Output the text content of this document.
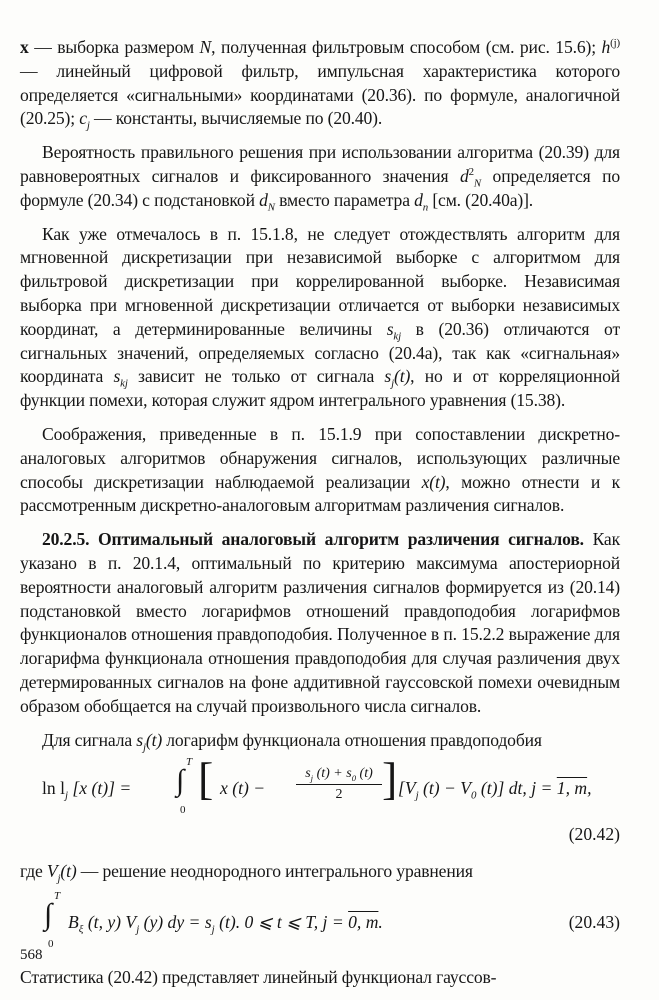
x — выборка размером N, полученная фильтровым способом (см. рис. 15.6); $h^{(j)}$ — линейный цифровой фильтр, импульсная характеристика которого определяется «сигнальными» координатами (20.36). по формуле, аналогичной (20.25); $c_j$ — константы, вычисляемые по (20.40).

Вероятность правильного решения при использовании алгоритма (20.39) для равновероятных сигналов и фиксированного значения $d^2_N$ определяется по формуле (20.34) с подстановкой $d_N$ вместо параметра $d_n$ [см. (20.40а)].

Как уже отмечалось в п. 15.1.8, не следует отождествлять алгоритм для мгновенной дискретизации при независимой выборке с алгоритмом для фильтровой дискретизации при коррелированной выборке. Независимая выборка при мгновенной дискретизации отличается от выборки независимых координат, а детерминированные величины $s_{kj}$ в (20.36) отличаются от сигнальных значений, определяемых согласно (20.4а), так как «сигнальная» координата $s_{kj}$ зависит не только от сигнала $s_j(t)$, но и от корреляционной функции помехи, которая служит ядром интегрального уравнения (15.38).

Соображения, приведенные в п. 15.1.9 при сопоставлении дискретно-аналоговых алгоритмов обнаружения сигналов, использующих различные способы дискретизации наблюдаемой реализации x(t), можно отнести и к рассмотренным дискретно-аналоговым алгоритмам различения сигналов.

20.2.5. Оптимальный аналоговый алгоритм различения сигналов. Как указано в п. 20.1.4, оптимальный по критерию максимума апостериорной вероятности аналоговый алгоритм различения сигналов формируется из (20.14) подстановкой вместо логарифмов отношений правдоподобия логарифмов функционалов отношения правдоподобия. Полученное в п. 15.2.2 выражение для логарифма функционала отношения правдоподобия для случая различения двух детермированных сигналов на фоне аддитивной гауссовской помехи очевидным образом обобщается на случай произвольного числа сигналов.

Для сигнала $s_j(t)$ логарифм функционала отношения правдоподобия

$\ln l_j$ [x (t)] = ∫
T
0
[ x $(t) - \frac{s_j (t) + s_0 (t)}{2}$ ] [$V_j$ $(t) - V_0$ (t)] dt, j = 1, m,
(20.42)

где $V_j(t)$ — решение неоднородного интегрального уравнения

∫
T
0
$B_\xi$ (t, y) $V_j$ (y) dy = $s_j$ (t). 0 ⩽ t ⩽ T, j = 0, m.	(20.43)

Статистика (20.42) представляет линейный функционал гауссов-

568
